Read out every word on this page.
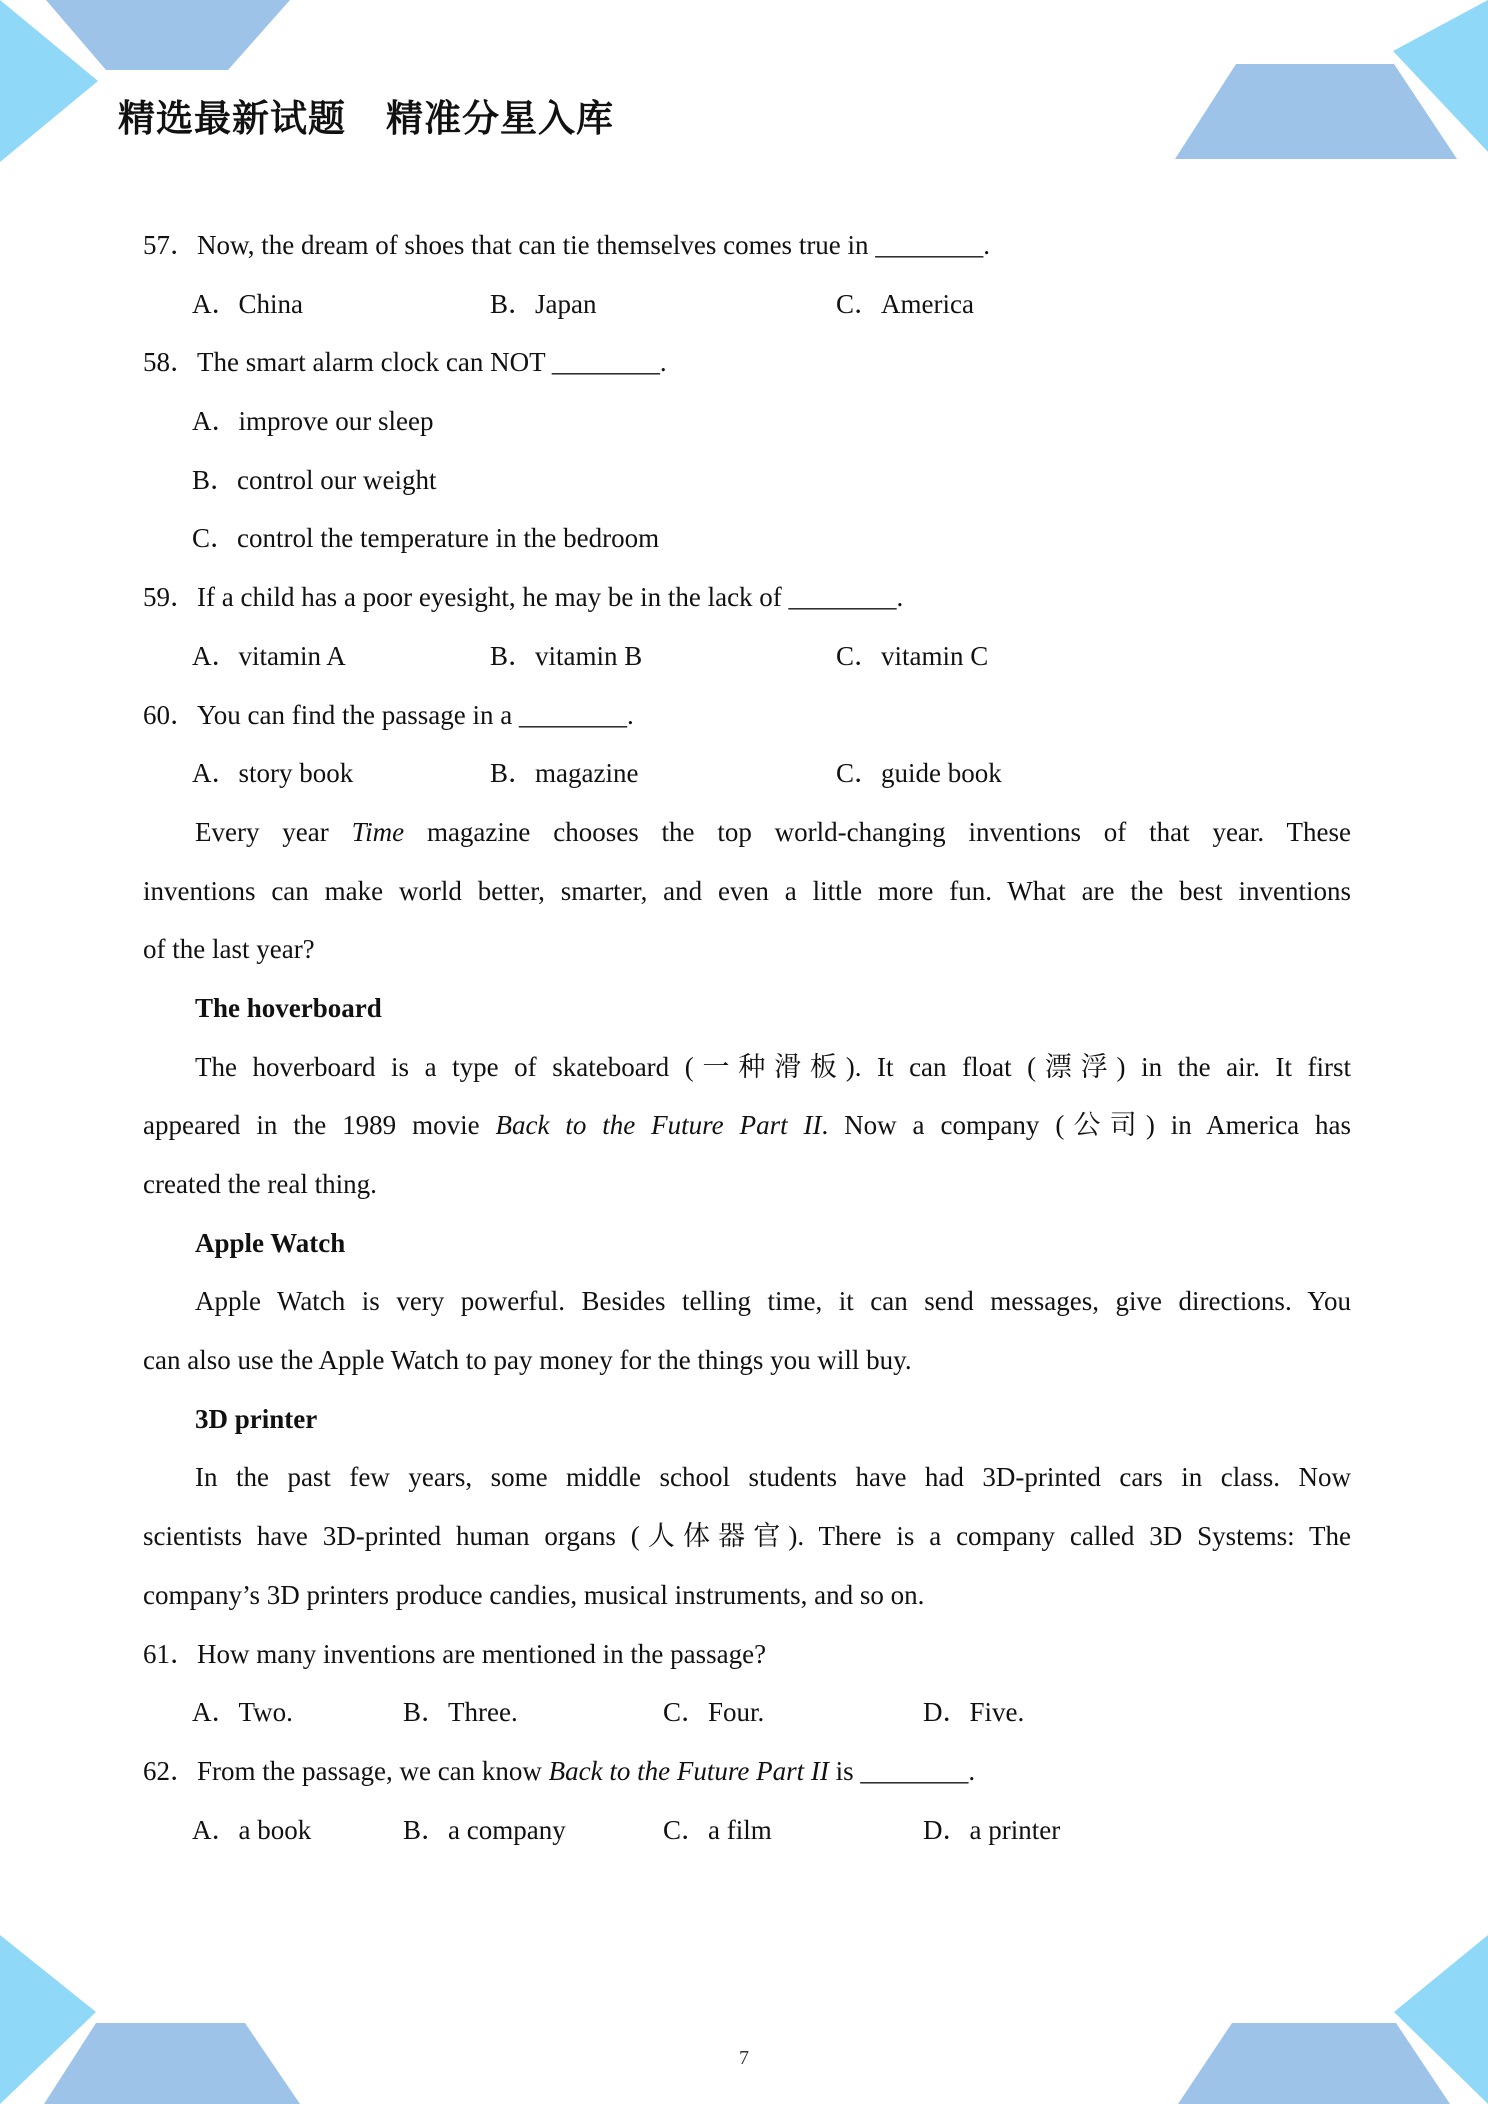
精选最新试题 精准分星入库
57．Now, the dream of shoes that can tie themselves comes true in ________.
A．China	B．Japan	C．America
58．The smart alarm clock can NOT ________.
A．improve our sleep
B．control our weight
C．control the temperature in the bedroom
59．If a child has a poor eyesight, he may be in the lack of ________.
A．vitamin A	B．vitamin B	C．vitamin C
60．You can find the passage in a ________.
A．story book	B．magazine	C．guide book
Every year Time magazine chooses the top world-changing inventions of that year. These
inventions can make world better, smarter, and even a little more fun. What are the best inventions
of the last year?
The hoverboard
The hoverboard is a type of skateboard (一种滑板). It can float (漂浮) in the air. It first
appeared in the 1989 movie Back to the Future Part II. Now a company (公司) in America has
created the real thing.
Apple Watch
Apple Watch is very powerful. Besides telling time, it can send messages, give directions. You
can also use the Apple Watch to pay money for the things you will buy.
3D printer
In the past few years, some middle school students have had 3D-printed cars in class. Now
scientists have 3D-printed human organs (人体器官). There is a company called 3D Systems: The
company’s 3D printers produce candies, musical instruments, and so on.
61．How many inventions are mentioned in the passage?
A．Two.	B．Three.	C．Four.	D．Five.
62．From the passage, we can know Back to the Future Part II is ________.
A．a book	B．a company	C．a film	D．a printer
7
